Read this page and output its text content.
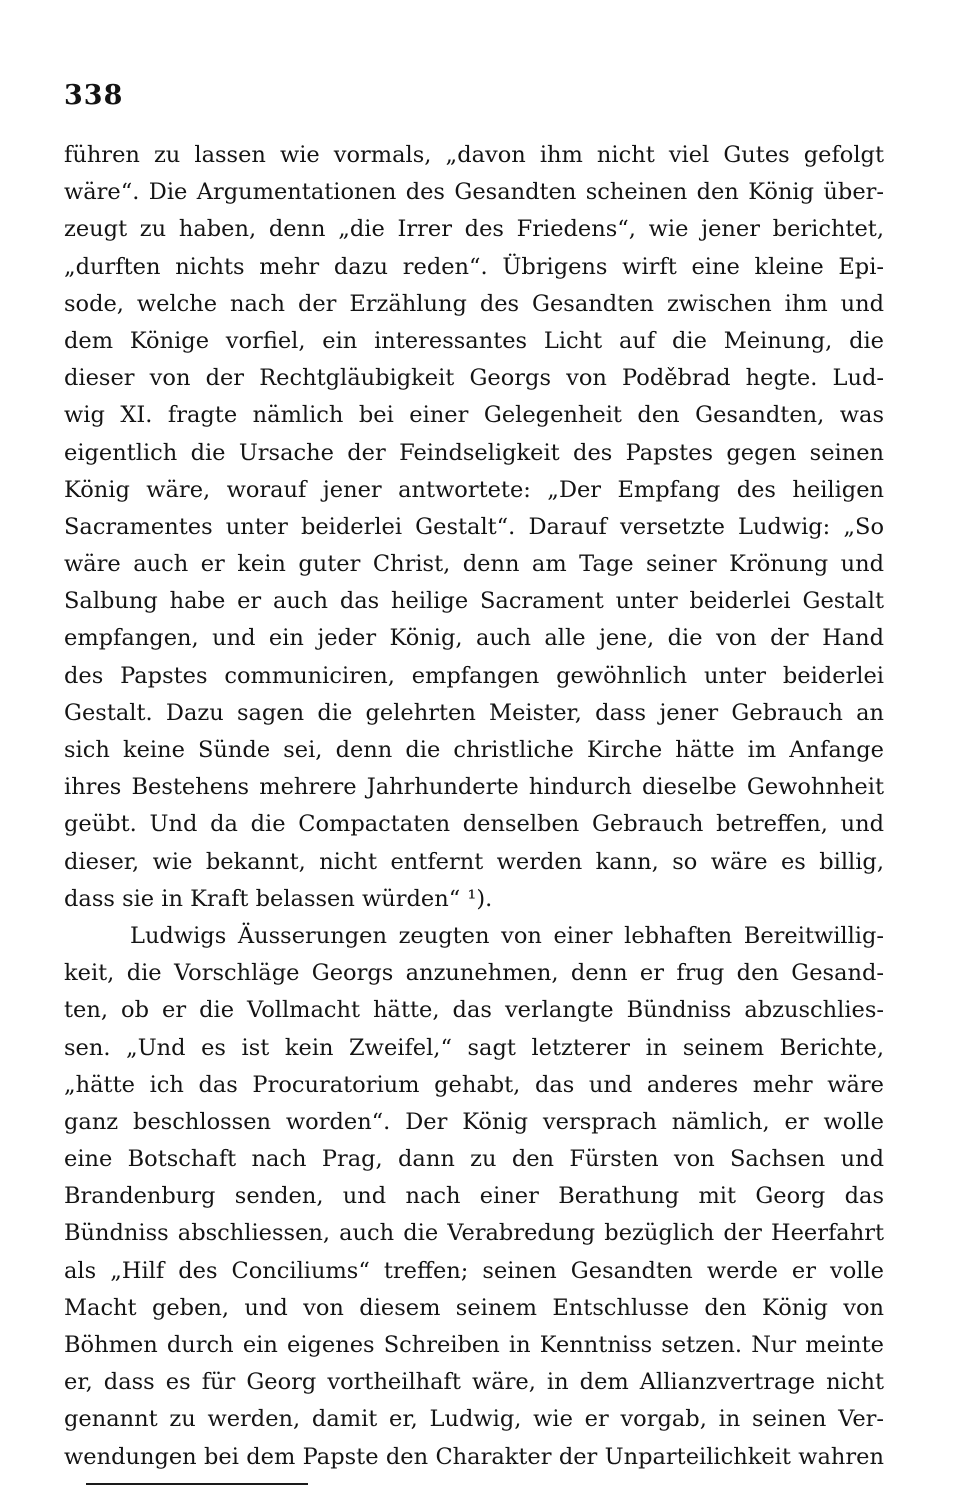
338
führen zu lassen wie vormals, „davon ihm nicht viel Gutes gefolgt
wäre“. Die Argumentationen des Gesandten scheinen den König über-
zeugt zu haben, denn „die Irrer des Friedens“, wie jener berichtet,
„durften nichts mehr dazu reden“. Übrigens wirft eine kleine Epi-
sode, welche nach der Erzählung des Gesandten zwischen ihm und
dem Könige vorfiel, ein interessantes Licht auf die Meinung, die
dieser von der Rechtgläubigkeit Georgs von Poděbrad hegte. Lud-
wig XI. fragte nämlich bei einer Gelegenheit den Gesandten, was
eigentlich die Ursache der Feindseligkeit des Papstes gegen seinen
König wäre, worauf jener antwortete: „Der Empfang des heiligen
Sacramentes unter beiderlei Gestalt“. Darauf versetzte Ludwig: „So
wäre auch er kein guter Christ, denn am Tage seiner Krönung und
Salbung habe er auch das heilige Sacrament unter beiderlei Gestalt
empfangen, und ein jeder König, auch alle jene, die von der Hand
des Papstes communiciren, empfangen gewöhnlich unter beiderlei
Gestalt. Dazu sagen die gelehrten Meister, dass jener Gebrauch an
sich keine Sünde sei, denn die christliche Kirche hätte im Anfange
ihres Bestehens mehrere Jahrhunderte hindurch dieselbe Gewohnheit
geübt. Und da die Compactaten denselben Gebrauch betreffen, und
dieser, wie bekannt, nicht entfernt werden kann, so wäre es billig,
dass sie in Kraft belassen würden“ ¹).
Ludwigs Äusserungen zeugten von einer lebhaften Bereitwillig-
keit, die Vorschläge Georgs anzunehmen, denn er frug den Gesand-
ten, ob er die Vollmacht hätte, das verlangte Bündniss abzuschlies-
sen. „Und es ist kein Zweifel,“ sagt letzterer in seinem Berichte,
„hätte ich das Procuratorium gehabt, das und anderes mehr wäre
ganz beschlossen worden“. Der König versprach nämlich, er wolle
eine Botschaft nach Prag, dann zu den Fürsten von Sachsen und
Brandenburg senden, und nach einer Berathung mit Georg das
Bündniss abschliessen, auch die Verabredung bezüglich der Heerfahrt
als „Hilf des Conciliums“ treffen; seinen Gesandten werde er volle
Macht geben, und von diesem seinem Entschlusse den König von
Böhmen durch ein eigenes Schreiben in Kenntniss setzen. Nur meinte
er, dass es für Georg vortheilhaft wäre, in dem Allianzvertrage nicht
genannt zu werden, damit er, Ludwig, wie er vorgab, in seinen Ver-
wendungen bei dem Papste den Charakter der Unparteilichkeit wahren
